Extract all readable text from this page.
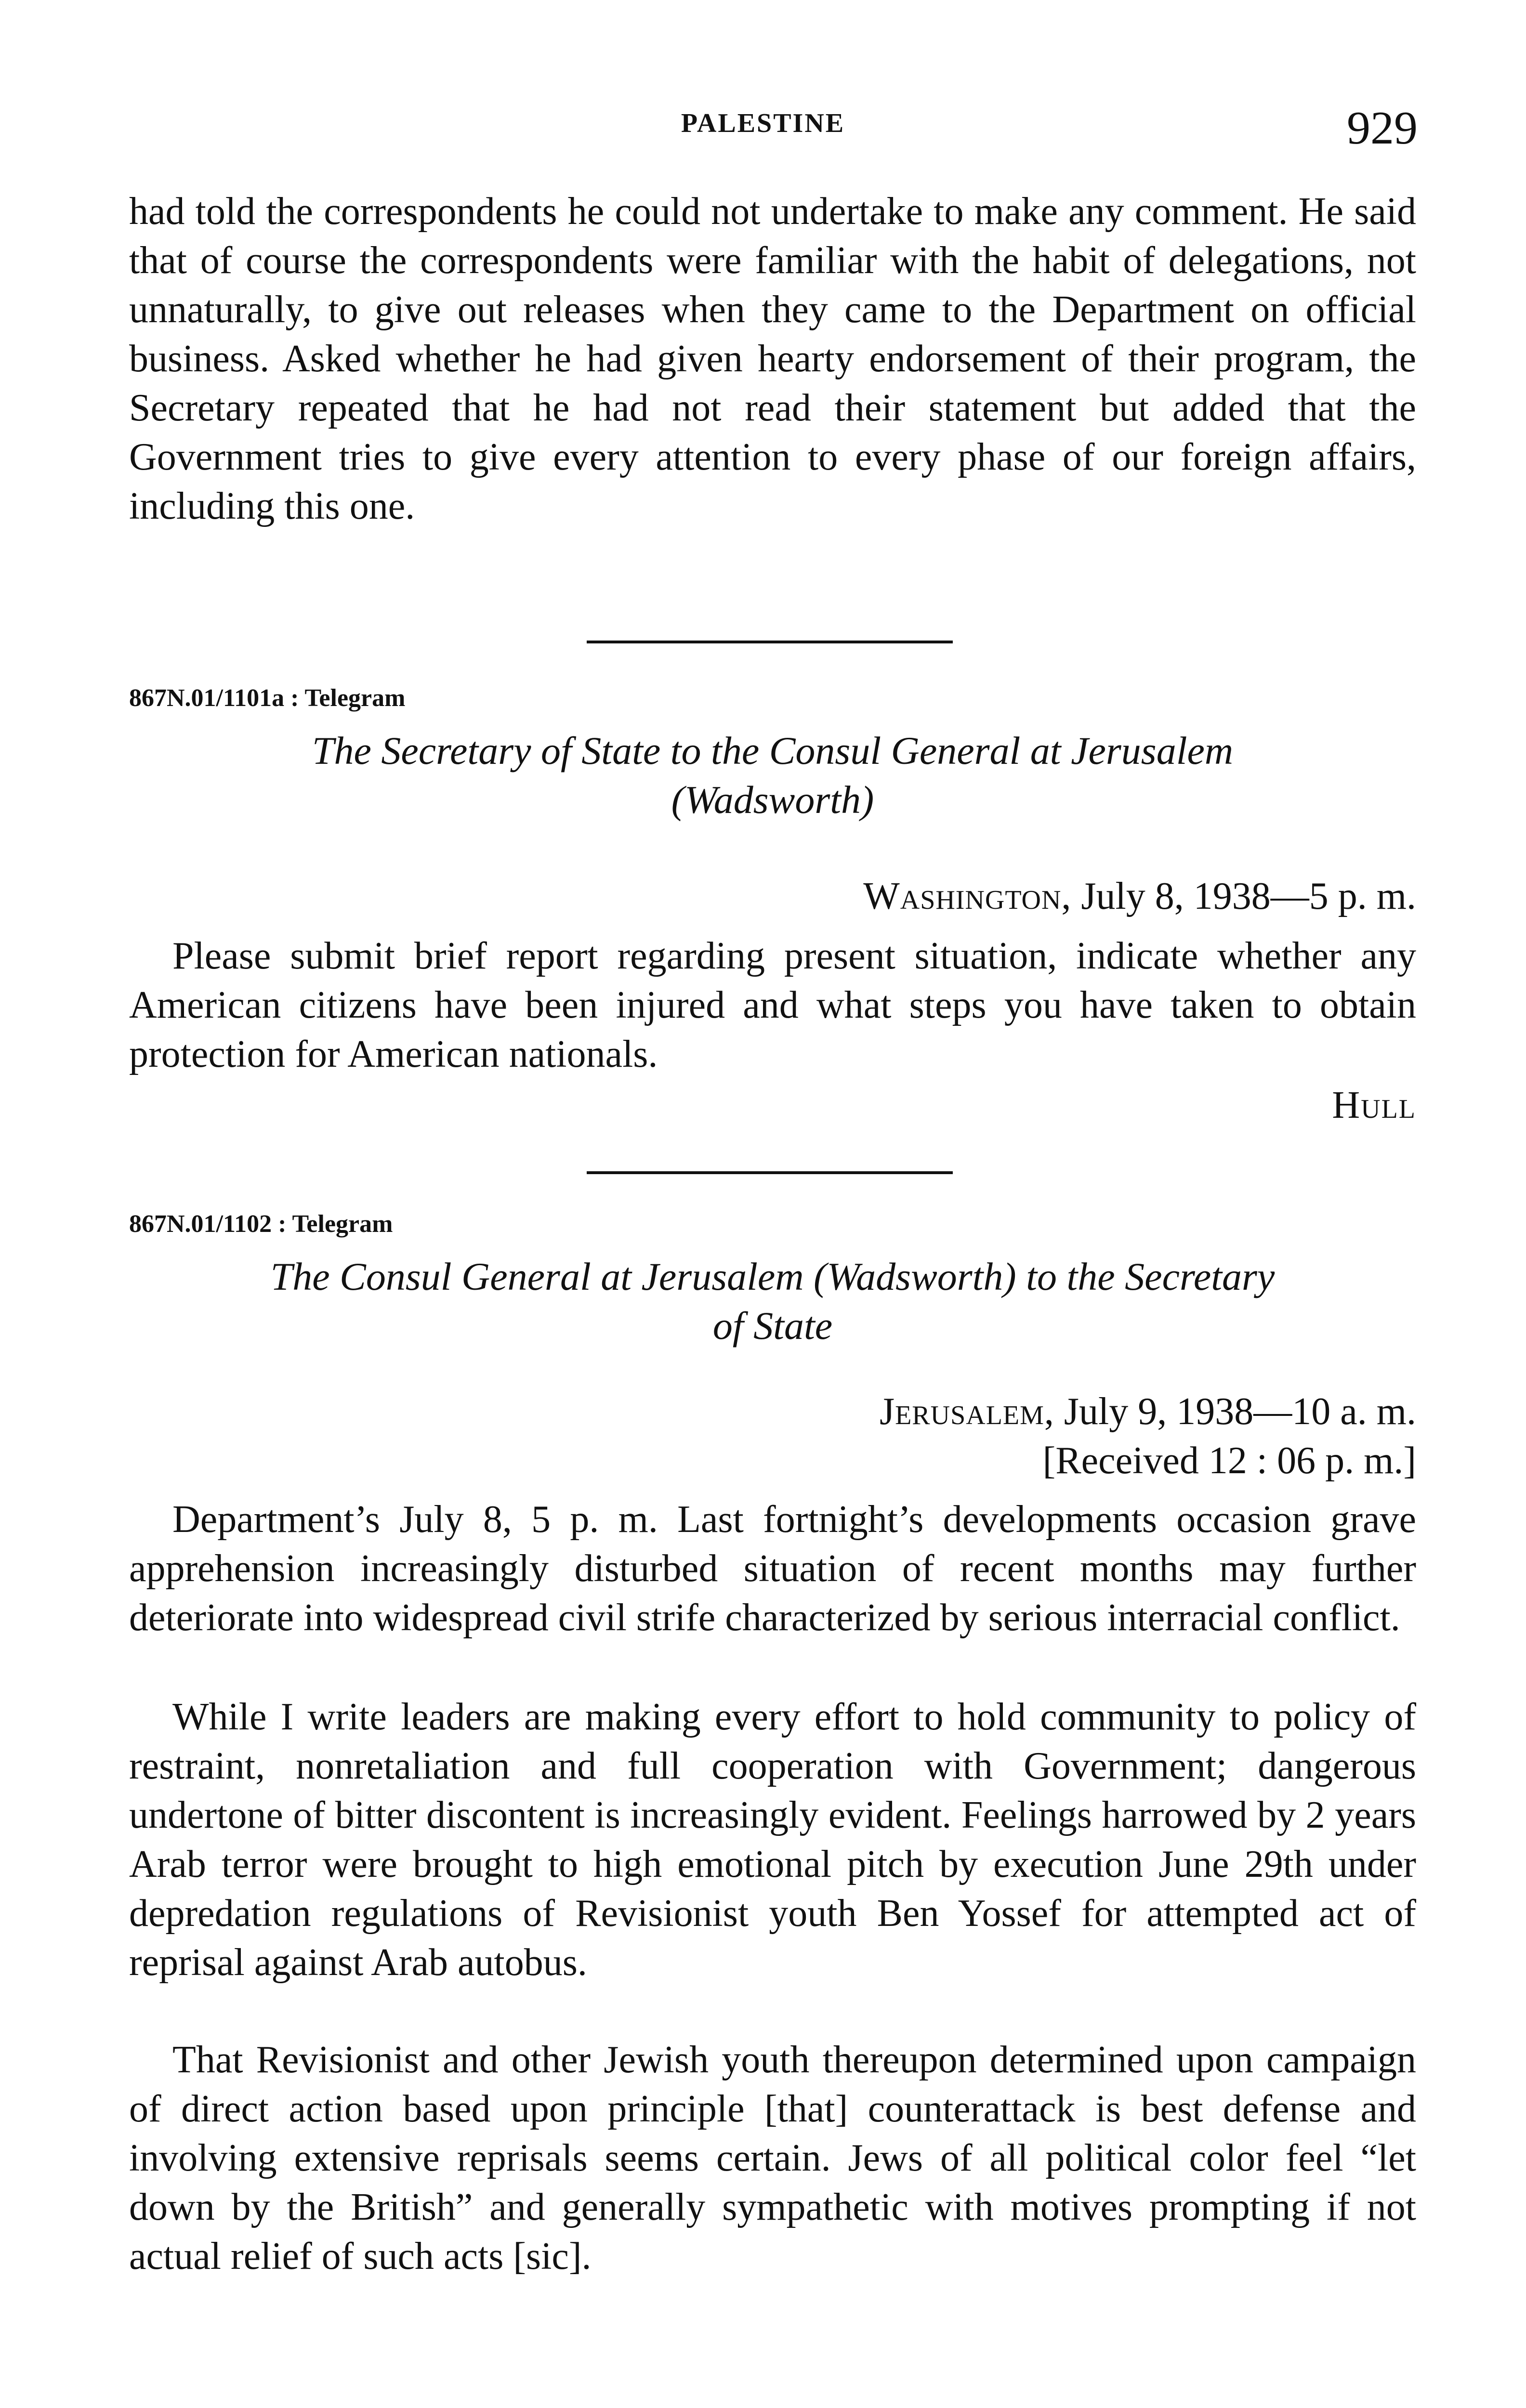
PALESTINE	929

had told the correspondents he could not undertake to make any comment. He said that of course the correspondents were familiar with the habit of delegations, not unnaturally, to give out releases when they came to the Department on official business. Asked whether he had given hearty endorsement of their program, the Secretary repeated that he had not read their statement but added that the Government tries to give every attention to every phase of our foreign affairs, including this one.

867N.01/1101a : Telegram
The Secretary of State to the Consul General at Jerusalem
(Wadsworth)
Washington, July 8, 1938—5 p. m.

Please submit brief report regarding present situation, indicate whether any American citizens have been injured and what steps you have taken to obtain protection for American nationals.

Hull
867N.01/1102 : Telegram
The Consul General at Jerusalem (Wadsworth) to the Secretary
of State
Jerusalem, July 9, 1938—10 a. m.
[Received 12 : 06 p. m.]

Department’s July 8, 5 p. m. Last fortnight’s developments occasion grave apprehension increasingly disturbed situation of recent months may further deteriorate into widespread civil strife characterized by serious interracial conflict.

While I write leaders are making every effort to hold community to policy of restraint, nonretaliation and full cooperation with Government; dangerous undertone of bitter discontent is increasingly evident. Feelings harrowed by 2 years Arab terror were brought to high emotional pitch by execution June 29th under depredation regulations of Revisionist youth Ben Yossef for attempted act of reprisal against Arab autobus.

That Revisionist and other Jewish youth thereupon determined upon campaign of direct action based upon principle [that] counterattack is best defense and involving extensive reprisals seems certain. Jews of all political color feel “let down by the British” and generally sympathetic with motives prompting if not actual relief of such acts [sic].
